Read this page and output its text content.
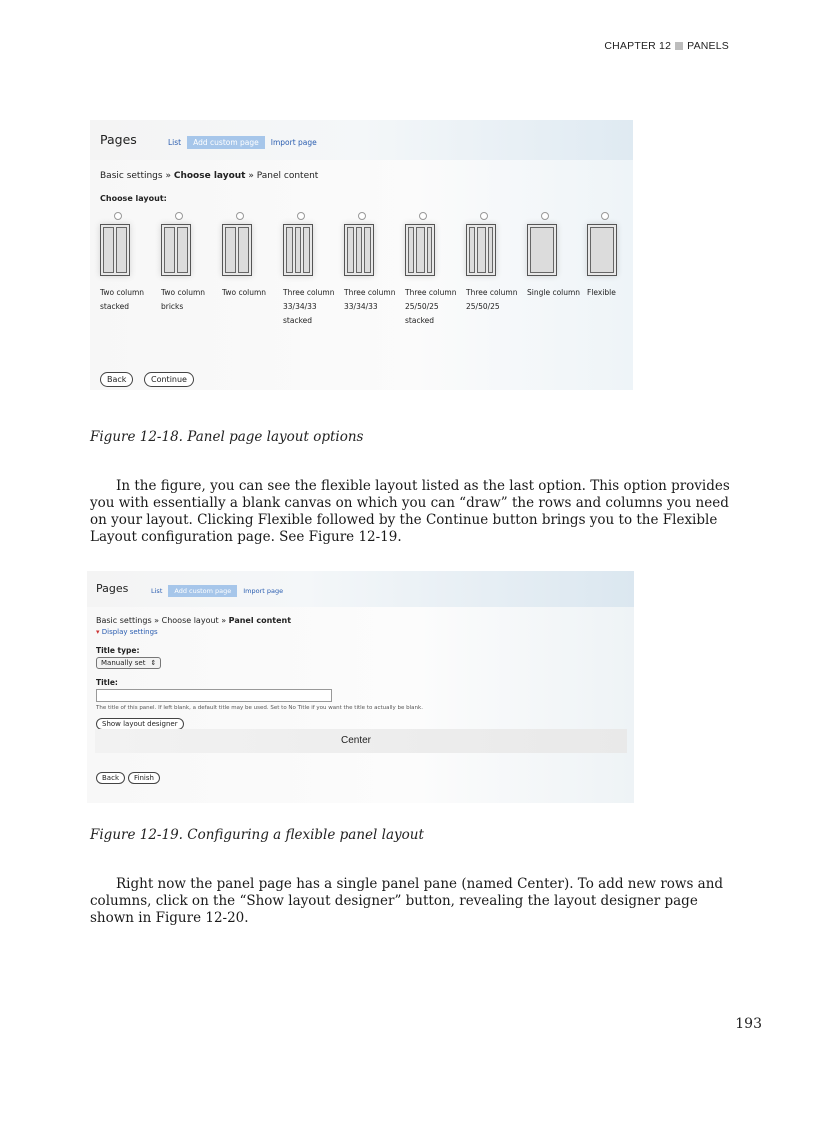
CHAPTER 12 PANELS
Pages	List	Add custom page	Import page
Basic settings » Choose layout » Panel content
Choose layout:
Two column
stacked
Two column
bricks
Two column	Three column
33/34/33
stacked
Three column
33/34/33
Three column
25/50/25
stacked
Three column
25/50/25
Single column Flexible
Back	Continue
Figure 12-18. Panel page layout options

In the figure, you can see the flexible layout listed as the last option. This option provides you with essentially a blank canvas on which you can “draw” the rows and columns you need on your layout. Clicking Flexible followed by the Continue button brings you to the Flexible Layout configuration page. See Figure 12-19.

Pages	List	Add custom page	Import page
Basic settings » Choose layout » Panel content
▾ Display settings
Title type:
Manually set ⇕
Title:
The title of this panel. If left blank, a default title may be used. Set to No Title if you want the title to actually be blank.
Show layout designer
Center
Back	Finish
Figure 12-19. Configuring a flexible panel layout

Right now the panel page has a single panel pane (named Center). To add new rows and columns, click on the “Show layout designer” button, revealing the layout designer page shown in Figure 12-20.

193
